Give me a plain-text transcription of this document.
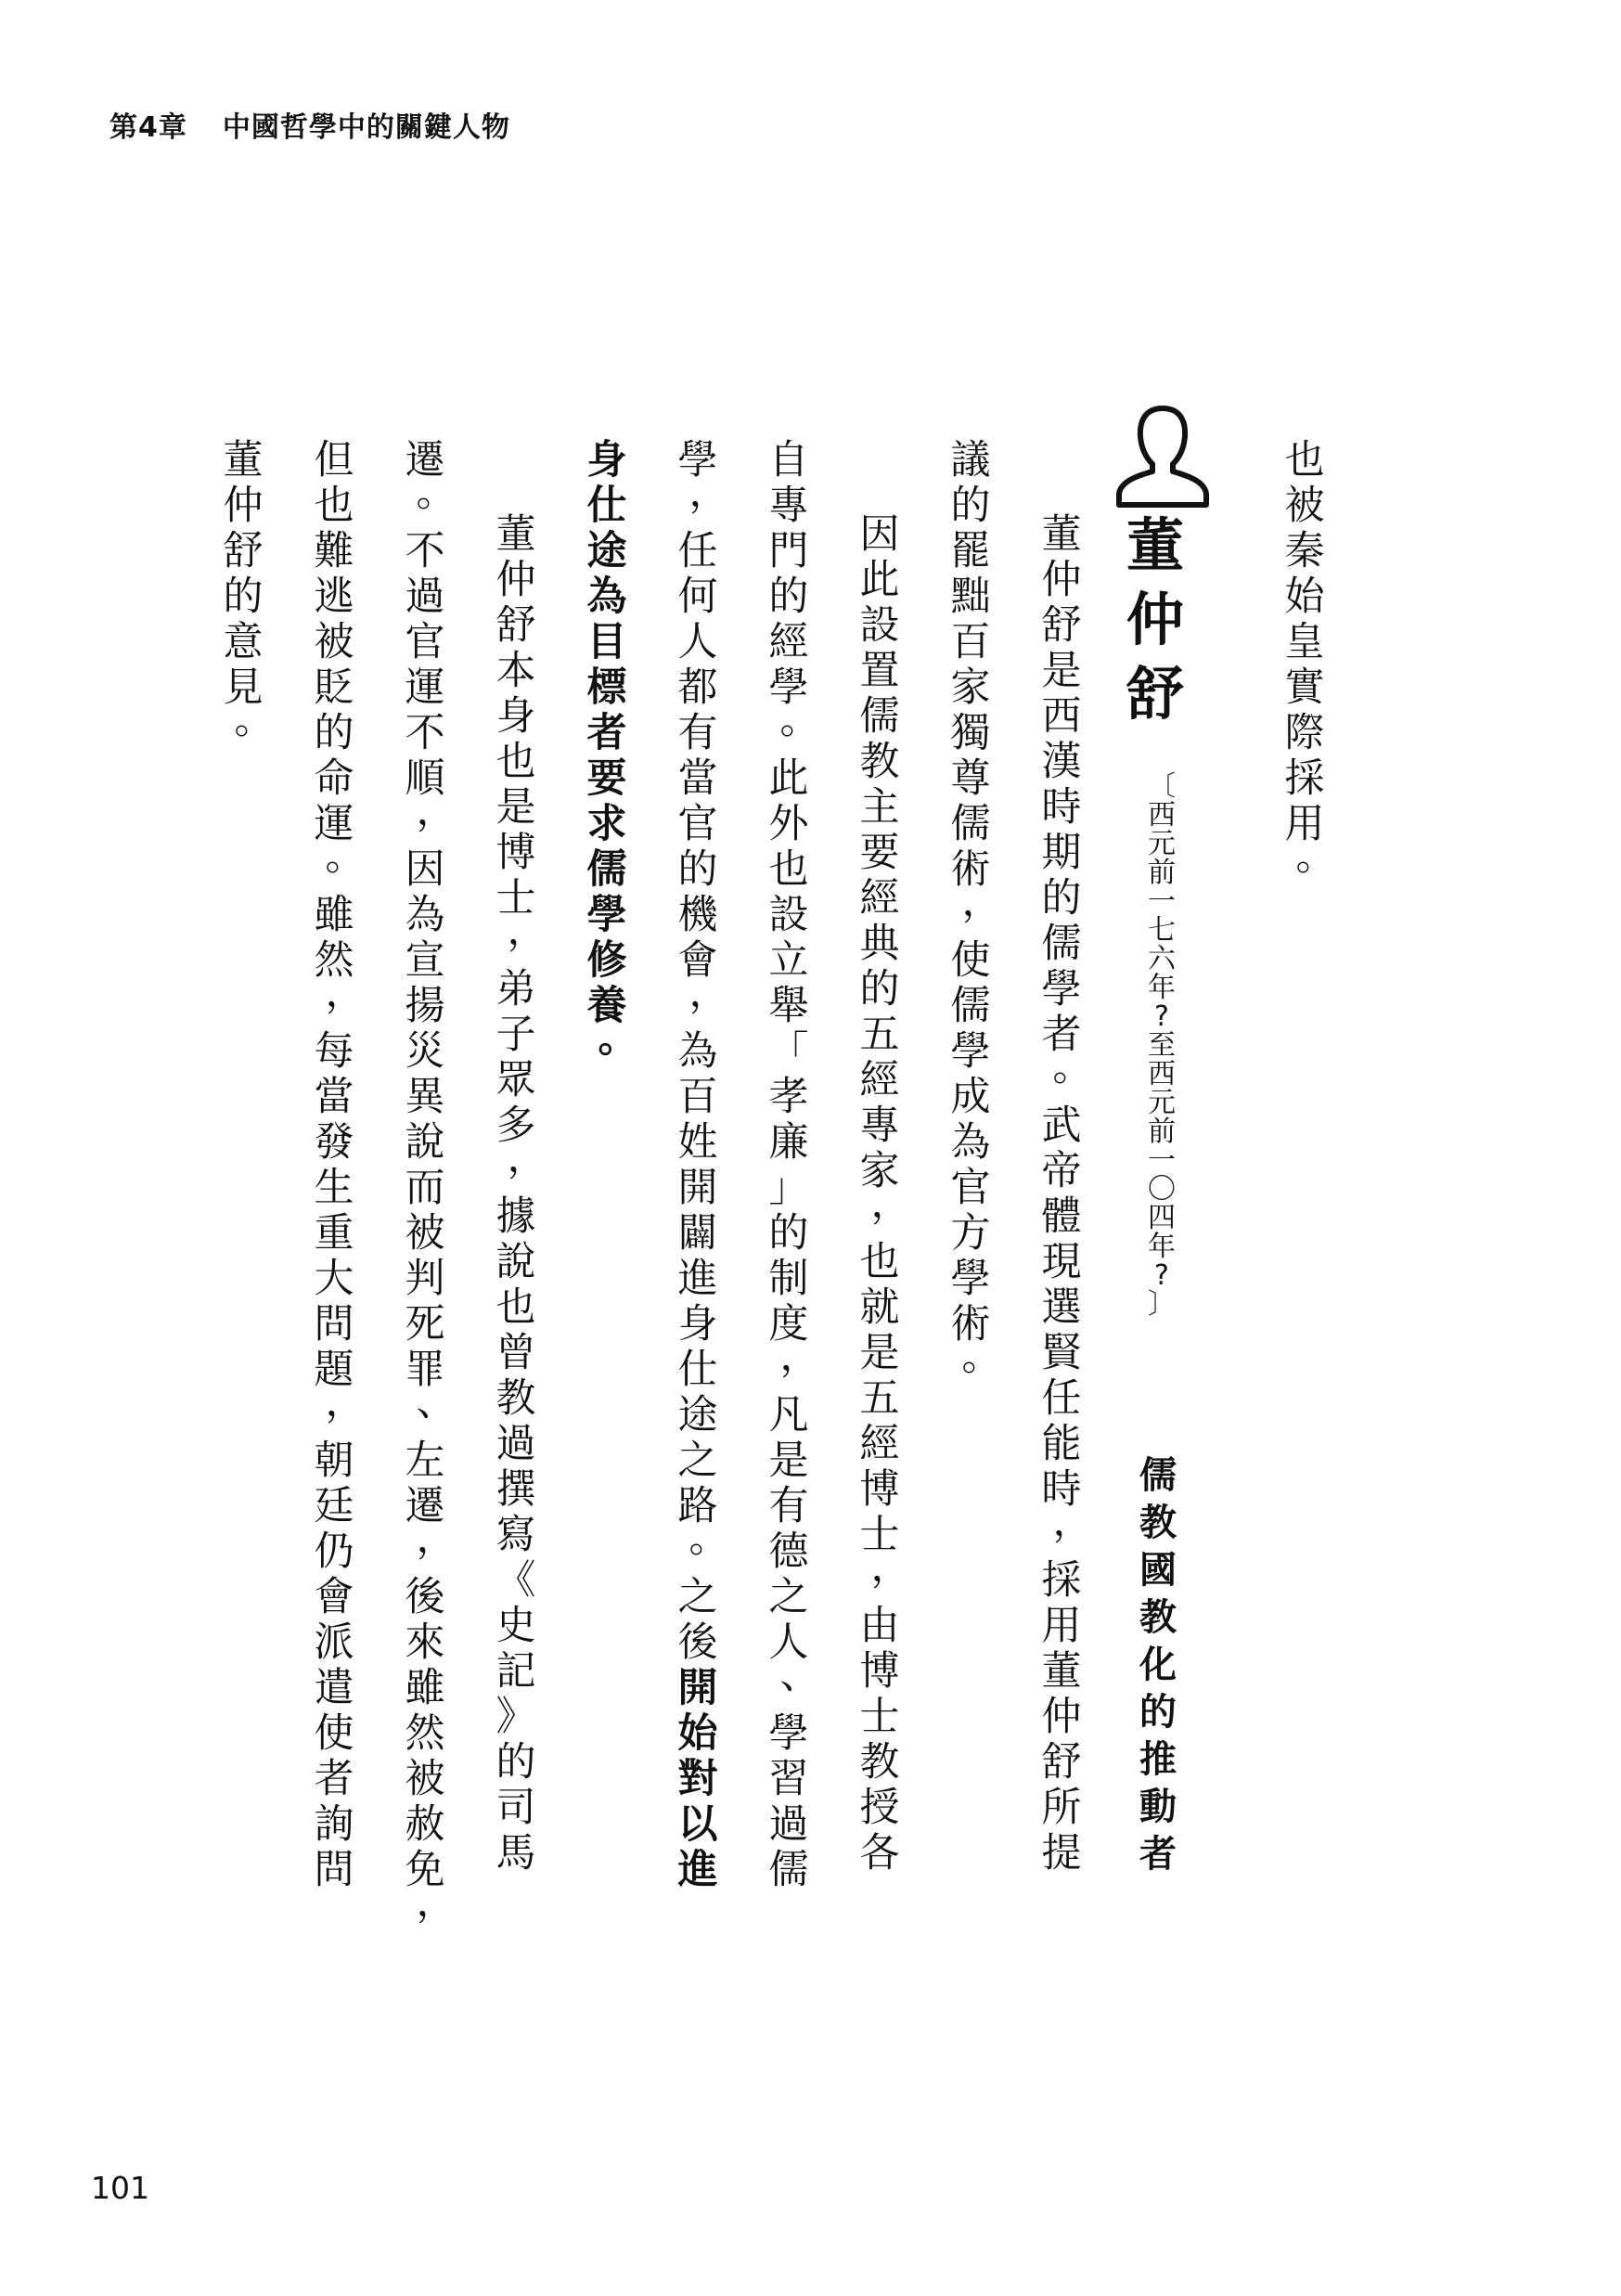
第4章 中國哲學中的關鍵人物
董
仲
舒
〔
西
元
前
一
七
六
年
?
至
西
元
前
一
〇
四
年
?
〕
儒
教
國
教
化
的
推
動
者
也
被
秦
始
皇
實
際
採
用
。
董
仲
舒
是
西
漢
時
期
的
儒
學
者
。
武
帝
體
現
選
賢
任
能
時
，
採
用
董
仲
舒
所
提
議
的
罷
黜
百
家
獨
尊
儒
術
，
使
儒
學
成
為
官
方
學
術
。
因
此
設
置
儒
教
主
要
經
典
的
五
經
專
家
，
也
就
是
五
經
博
士
，
由
博
士
教
授
各
自
專
門
的
經
學
。
此
外
也
設
立
舉
「
孝
廉
」
的
制
度
，
凡
是
有
德
之
人
、
學
習
過
儒
學
，
任
何
人
都
有
當
官
的
機
會
，
為
百
姓
開
闢
進
身
仕
途
之
路
。
之
後
開
始
對
以
進
身
仕
途
為
目
標
者
要
求
儒
學
修
養
。
董
仲
舒
本
身
也
是
博
士
，
弟
子
眾
多
，
據
說
也
曾
教
過
撰
寫
《
史
記
》
的
司
馬
遷
。
不
過
官
運
不
順
，
因
為
宣
揚
災
異
說
而
被
判
死
罪
、
左
遷
，
後
來
雖
然
被
赦
免
，
但
也
難
逃
被
貶
的
命
運
。
雖
然
，
每
當
發
生
重
大
問
題
，
朝
廷
仍
會
派
遣
使
者
詢
問
董
仲
舒
的
意
見
。
101
